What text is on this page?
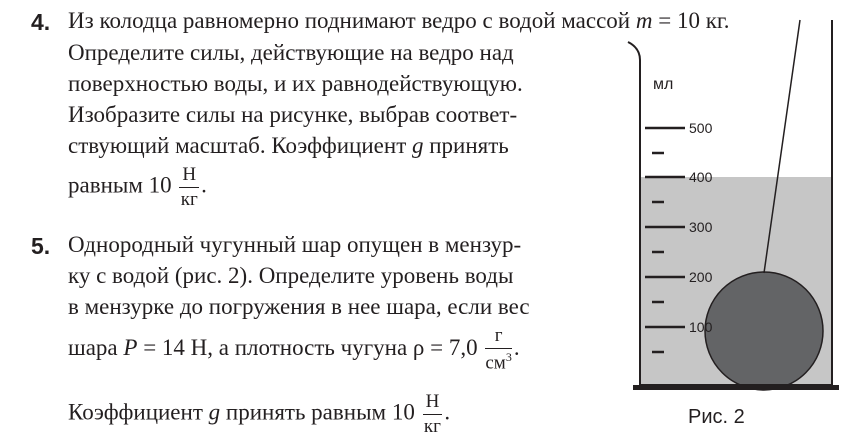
4. Из колодца равномерно поднимают ведро с водой массой m = 10 кг.
Определите силы, действующие на ведро над
поверхностью воды, и их равнодействующую.
Изобразите силы на рисунке, выбрав соответ-
ствующий масштаб. Коэффициент g принять
равным $10 \frac{Н}{кг}$ .
5. Однородный чугунный шар опущен в мензур-
ку с водой (рис. 2). Определите уровень воды
в мензурке до погружения в нее шара, если вес
шара P = 14 Н, а плотность чугуна $\rho = 7,0 \frac{г}{см^3}$ .
Коэффициент g принять равным $10 \frac{Н}{кг}$ .
мл
500
400
300
200
100
Рис. 2
